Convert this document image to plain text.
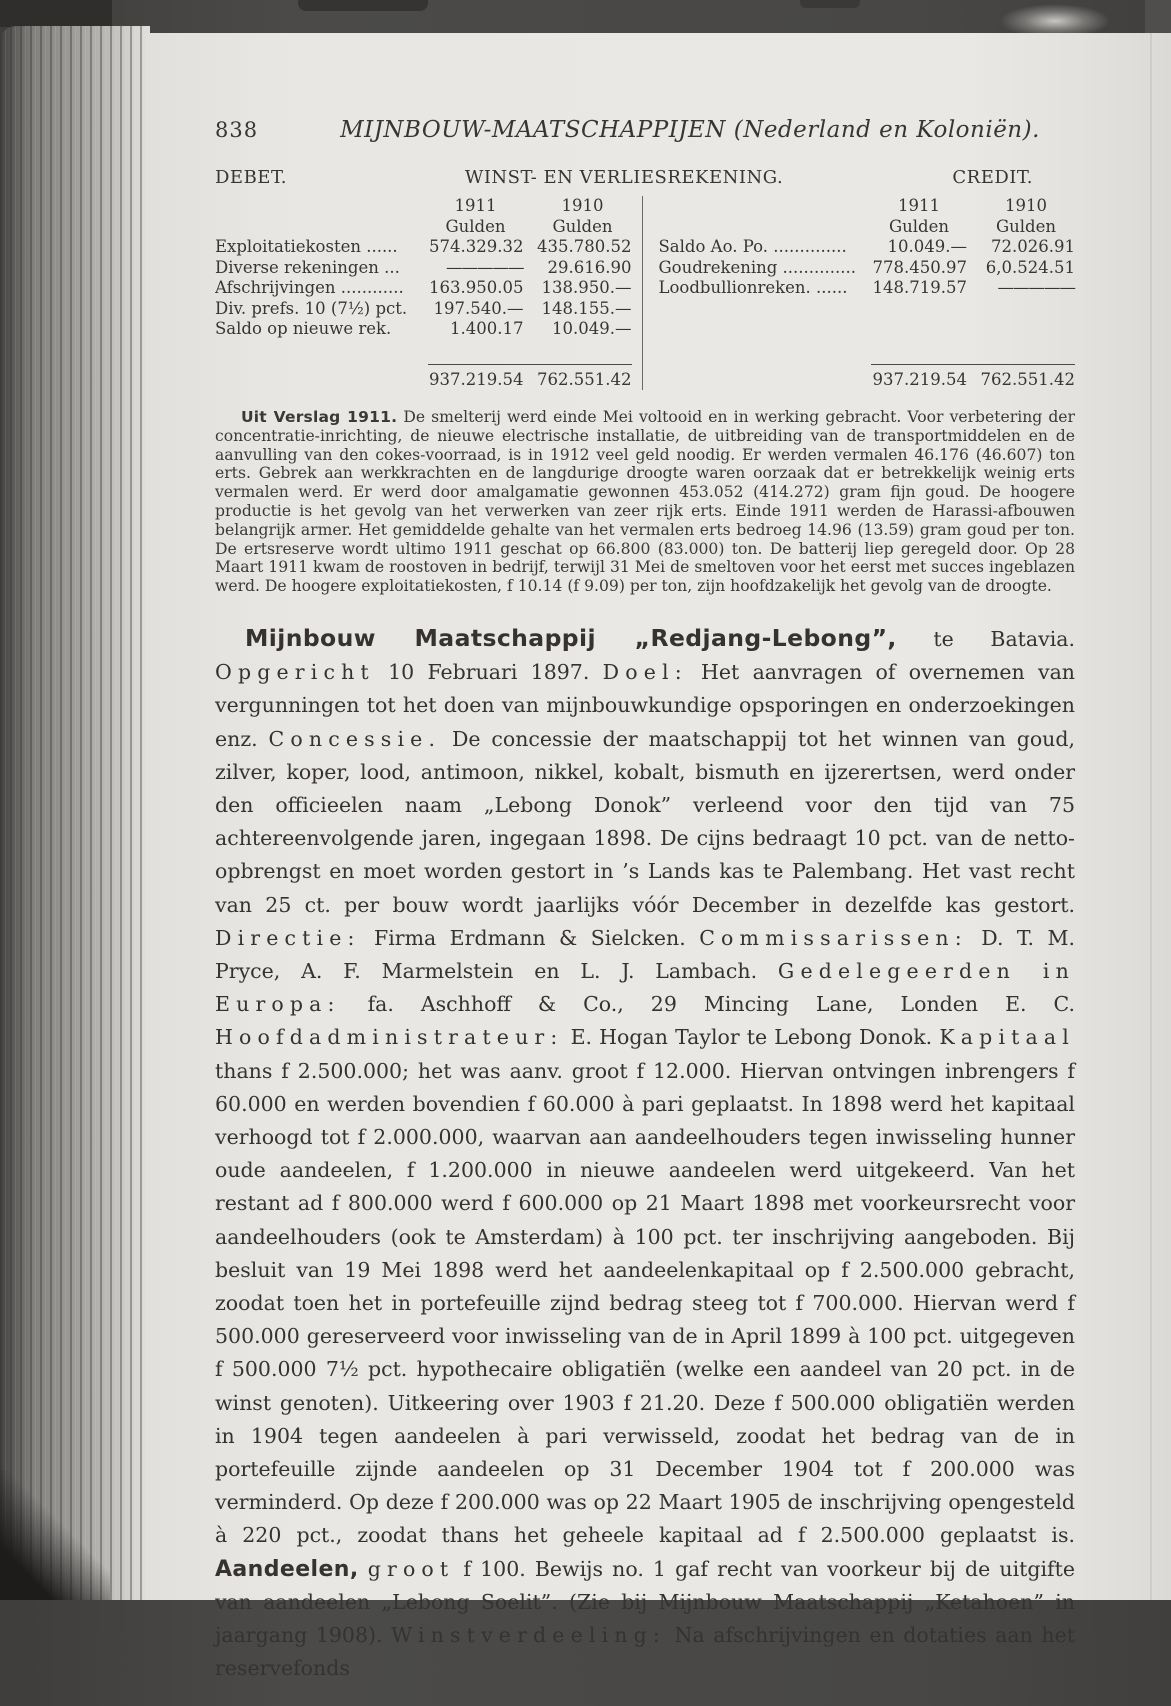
838	MIJNBOUW-MAATSCHAPPIJEN (Nederland en Koloniën).
DEBET.	WINST- EN VERLIESREKENING.	CREDIT.
1911	1910
Gulden	Gulden
Exploitatiekosten ......	574.329.32 435.780.52
Diverse rekeningen ...	—————	29.616.90
Afschrijvingen ............	163.950.05	138.950.—
Div. prefs. 10 (7½) pct.	197.540.—	148.155.—
Saldo op nieuwe rek.	1.400.17	10.049.—
937.219.54 762.551.42
1911	1910
Gulden	Gulden
Saldo Ao. Po. ..............	10.049.—	72.026.91
Goudrekening ..............	778.450.97	6,0.524.51
Loodbullionreken. ......	148.719.57	—————
937.219.54 762.551.42

Uit Verslag 1911. De smelterij werd einde Mei voltooid en in werking gebracht. Voor verbetering der concentratie-inrichting, de nieuwe electrische installatie, de uitbreiding van de transportmiddelen en de aanvulling van den cokes-voorraad, is in 1912 veel geld noodig. Er werden vermalen 46.176 (46.607) ton erts. Gebrek aan werkkrachten en de langdurige droogte waren oorzaak dat er betrekkelijk weinig erts vermalen werd. Er werd door amalgamatie gewonnen 453.052 (414.272) gram fijn goud. De hoogere productie is het gevolg van het verwerken van zeer rijk erts. Einde 1911 werden de Harassi-afbouwen belangrijk armer. Het gemiddelde gehalte van het vermalen erts bedroeg 14.96 (13.59) gram goud per ton. De ertsreserve wordt ultimo 1911 geschat op 66.800 (83.000) ton. De batterij liep geregeld door. Op 28 Maart 1911 kwam de roostoven in bedrijf, terwijl 31 Mei de smeltoven voor het eerst met succes ingeblazen werd. De hoogere exploitatiekosten, f 10.14 (f 9.09) per ton, zijn hoofdzakelijk het gevolg van de droogte.

Mijnbouw Maatschappij „Redjang-Lebong”, te Batavia. Opgericht 10 Februari 1897. Doel: Het aanvragen of overnemen van vergunningen tot het doen van mijnbouwkundige opsporingen en onderzoekingen enz. Concessie. De concessie der maatschappij tot het winnen van goud, zilver, koper, lood, antimoon, nikkel, kobalt, bismuth en ijzerertsen, werd onder den officieelen naam „Lebong Donok” verleend voor den tijd van 75 achtereenvolgende jaren, ingegaan 1898. De cijns bedraagt 10 pct. van de netto-opbrengst en moet worden gestort in ’s Lands kas te Palembang. Het vast recht van 25 ct. per bouw wordt jaarlijks vóór December in dezelfde kas gestort. Directie: Firma Erdmann & Sielcken. Commissarissen: D. T. M. Pryce, A. F. Marmelstein en L. J. Lambach. Gedelegeerden in Europa: fa. Aschhoff & Co., 29 Mincing Lane, Londen E. C. Hoofdadministrateur: E. Hogan Taylor te Lebong Donok. Kapitaal thans f 2.500.000; het was aanv. groot f 12.000. Hiervan ontvingen inbrengers f 60.000 en werden bovendien f 60.000 à pari geplaatst. In 1898 werd het kapitaal verhoogd tot f 2.000.000, waarvan aan aandeelhouders tegen inwisseling hunner oude aandeelen, f 1.200.000 in nieuwe aandeelen werd uitgekeerd. Van het restant ad f 800.000 werd f 600.000 op 21 Maart 1898 met voorkeursrecht voor aandeelhouders (ook te Amsterdam) à 100 pct. ter inschrijving aangeboden. Bij besluit van 19 Mei 1898 werd het aandeelenkapitaal op f 2.500.000 gebracht, zoodat toen het in portefeuille zijnd bedrag steeg tot f 700.000. Hiervan werd f 500.000 gereserveerd voor inwisseling van de in April 1899 à 100 pct. uitgegeven f 500.000 7½ pct. hypothecaire obligatiën (welke een aandeel van 20 pct. in de winst genoten). Uitkeering over 1903 f 21.20. Deze f 500.000 obligatiën werden in 1904 tegen aandeelen à pari verwisseld, zoodat het bedrag van de in portefeuille zijnde aandeelen op 31 December 1904 tot f 200.000 was verminderd. Op deze f 200.000 was op 22 Maart 1905 de inschrijving opengesteld à 220 pct., zoodat thans het geheele kapitaal ad f 2.500.000 geplaatst is. Aandeelen, groot f 100. Bewijs no. 1 gaf recht van voorkeur bij de uitgifte van aandeelen „Lebong Soelit”. (Zie bij Mijnbouw Maatschappij „Ketahoen” in jaargang 1908). Winstverdeeling: Na afschrijvingen en dotaties aan het reservefonds
